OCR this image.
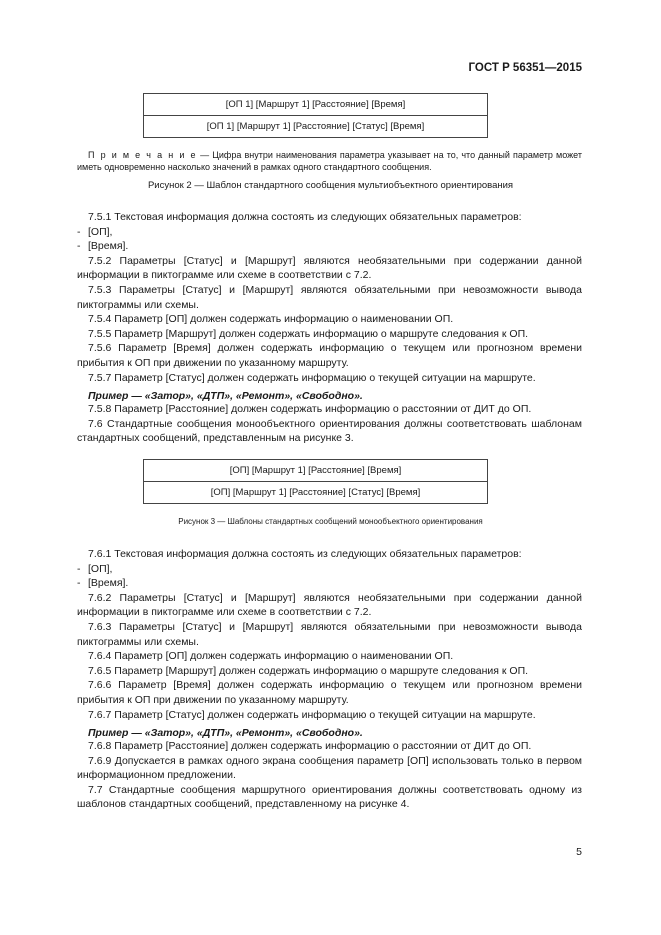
ГОСТ Р 56351—2015
[ОП 1] [Маршрут 1] [Расстояние] [Время]
[ОП 1] [Маршрут 1] [Расстояние] [Статус] [Время]
П р и м е ч а н и е — Цифра внутри наименования параметра указывает на то, что данный параметр может иметь одновременно насколько значений в рамках одного стандартного сообщения.
Рисунок 2 — Шаблон стандартного сообщения мультиобъектного ориентирования

7.5.1 Текстовая информация должна состоять из следующих обязательных параметров:

- [ОП],

- [Время].

7.5.2 Параметры [Статус] и [Маршрут] являются необязательными при содержании данной информации в пиктограмме или схеме в соответствии с 7.2.

7.5.3 Параметры [Статус] и [Маршрут] являются обязательными при невозможности вывода пиктограммы или схемы.

7.5.4 Параметр [ОП] должен содержать информацию о наименовании ОП.

7.5.5 Параметр [Маршрут] должен содержать информацию о маршруте следования к ОП.

7.5.6 Параметр [Время] должен содержать информацию о текущем или прогнозном времени прибытия к ОП при движении по указанному маршруту.

7.5.7 Параметр [Статус] должен содержать информацию о текущей ситуации на маршруте.

Пример — «Затор», «ДТП», «Ремонт», «Свободно».

7.5.8 Параметр [Расстояние] должен содержать информацию о расстоянии от ДИТ до ОП.

7.6 Стандартные сообщения монообъектного ориентирования должны соответствовать шаблонам стандартных сообщений, представленным на рисунке 3.

[ОП] [Маршрут 1] [Расстояние] [Время]
[ОП] [Маршрут 1] [Расстояние] [Статус] [Время]
Рисунок 3 — Шаблоны стандартных сообщений монообъектного ориентирования

7.6.1 Текстовая информация должна состоять из следующих обязательных параметров:

- [ОП],

- [Время].

7.6.2 Параметры [Статус] и [Маршрут] являются необязательными при содержании данной информации в пиктограмме или схеме в соответствии с 7.2.

7.6.3 Параметры [Статус] и [Маршрут] являются обязательными при невозможности вывода пиктограммы или схемы.

7.6.4 Параметр [ОП] должен содержать информацию о наименовании ОП.

7.6.5 Параметр [Маршрут] должен содержать информацию о маршруте следования к ОП.

7.6.6 Параметр [Время] должен содержать информацию о текущем или прогнозном времени прибытия к ОП при движении по указанному маршруту.

7.6.7 Параметр [Статус] должен содержать информацию о текущей ситуации на маршруте.

Пример — «Затор», «ДТП», «Ремонт», «Свободно».

7.6.8 Параметр [Расстояние] должен содержать информацию о расстоянии от ДИТ до ОП.

7.6.9 Допускается в рамках одного экрана сообщения параметр [ОП] использовать только в первом информационном предложении.

7.7 Стандартные сообщения маршрутного ориентирования должны соответствовать одному из шаблонов стандартных сообщений, представленному на рисунке 4.

5
